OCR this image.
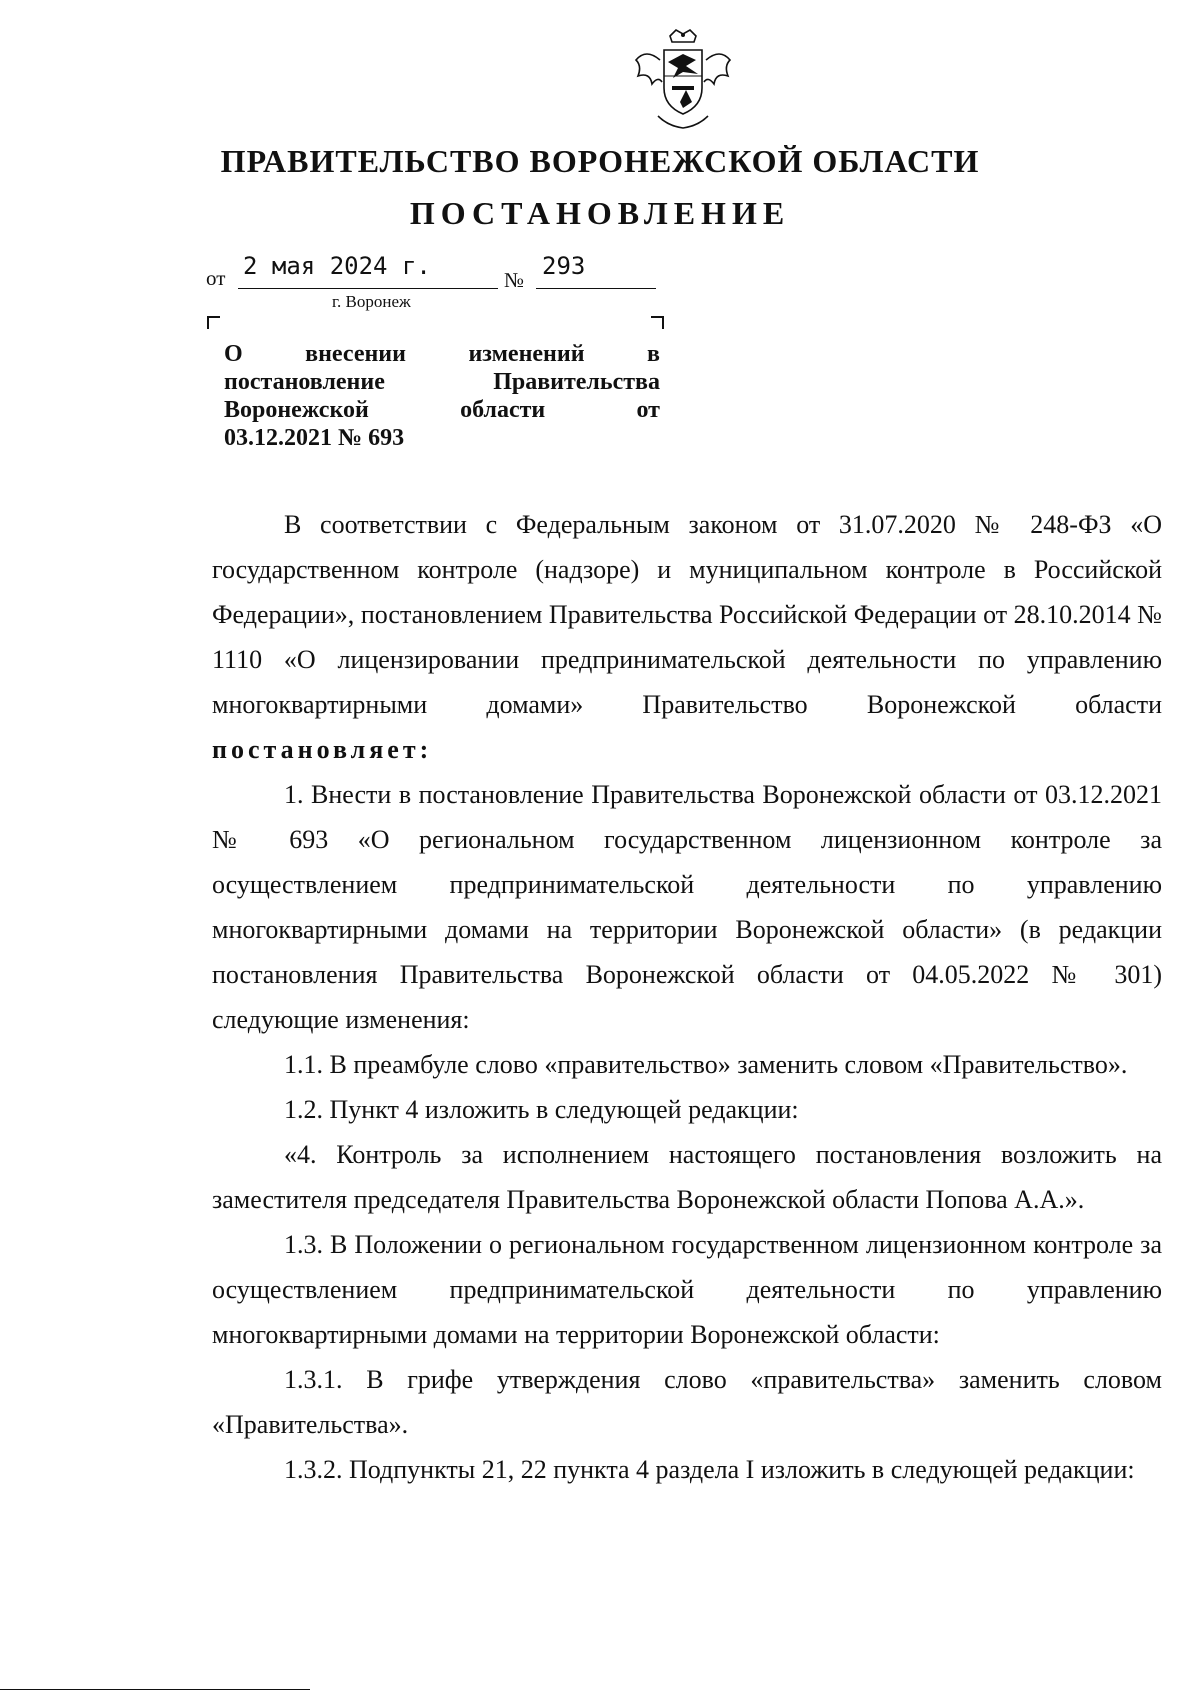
ПРАВИТЕЛЬСТВО ВОРОНЕЖСКОЙ ОБЛАСТИ
ПОСТАНОВЛЕНИЕ
от 2 мая 2024 г.	№ 293
г. Воронеж
О	внесении	изменений	в
постановление	Правительства
Воронежской	области	от
03.12.2021 № 693

В соответствии с Федеральным законом от 31.07.2020 № 248-ФЗ «О государственном контроле (надзоре) и муниципальном контроле в Российской Федерации», постановлением Правительства Российской Федерации от 28.10.2014 № 1110 «О лицензировании предпринимательской деятельности по управлению многоквартирными домами» Правительство Воронежской области постановляет:

1. Внести в постановление Правительства Воронежской области от 03.12.2021 № 693 «О региональном государственном лицензионном контроле за осуществлением предпринимательской деятельности по управлению многоквартирными домами на территории Воронежской области» (в редакции постановления Правительства Воронежской области от 04.05.2022 № 301) следующие изменения:

1.1. В преамбуле слово «правительство» заменить словом «Правительство».

1.2. Пункт 4 изложить в следующей редакции:

«4. Контроль за исполнением настоящего постановления возложить на заместителя председателя Правительства Воронежской области Попова А.А.».

1.3. В Положении о региональном государственном лицензионном контроле за осуществлением предпринимательской деятельности по управлению многоквартирными домами на территории Воронежской области:

1.3.1. В грифе утверждения слово «правительства» заменить словом «Правительства».

1.3.2. Подпункты 21, 22 пункта 4 раздела I изложить в следующей редакции:
